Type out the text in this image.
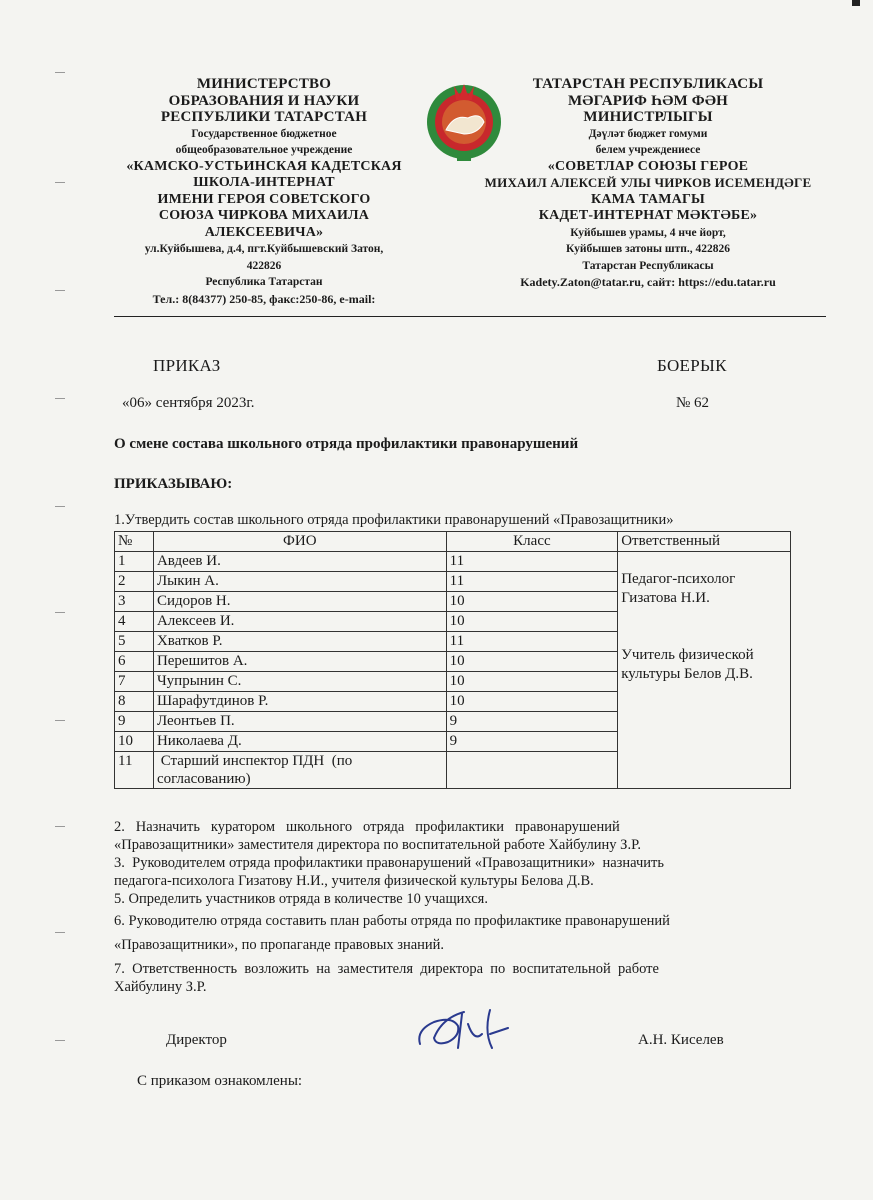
МИНИСТЕРСТВО
ОБРАЗОВАНИЯ И НАУКИ
РЕСПУБЛИКИ ТАТАРСТАН
Государственное бюджетное
общеобразовательное учреждение
«КАМСКО-УСТЬИНСКАЯ КАДЕТСКАЯ
ШКОЛА-ИНТЕРНАТ
ИМЕНИ ГЕРОЯ СОВЕТСКОГО
СОЮЗА ЧИРКОВА МИХАИЛА
АЛЕКСЕЕВИЧА»
ул.Куйбышева, д.4, пгт.Куйбышевский Затон,
422826
Республика Татарстан
Тел.: 8(84377) 250-85, факс:250-86, e-mail:
ТАТАРСТАН РЕСПУБЛИКАСЫ
МӘГАРИФ ҺӘМ ФӘН
МИНИСТРЛЫГЫ
Дәүләт бюджет гомуми
белем учреждениесе
«СОВЕТЛАР СОЮЗЫ ГЕРОЕ
МИХАИЛ АЛЕКСЕЙ УЛЫ ЧИРКОВ ИСЕМЕНДӘГЕ
КАМА ТАМАГЫ
КАДЕТ-ИНТЕРНАТ МӘКТӘБЕ»
Куйбышев урамы, 4 нче йорт,
Куйбышев затоны штп., 422826
Татарстан Республикасы
Kadety.Zaton@tatar.ru, сайт: https://edu.tatar.ru
ПРИКАЗ	БОЕРЫК
«06» сентября 2023г.	№ 62
О смене состава школьного отряда профилактики правонарушений
ПРИКАЗЫВАЮ:
1.Утвердить состав школьного отряда профилактики правонарушений «Правозащитники»
№	ФИО	Класс	Ответственный
1	Авдеев И.	11	Педагог-психолог
Гизатова Н.И.
Учитель физической
культуры Белов Д.В.

2	Лыкин А.	11	
3	Сидоров Н.	10	
4	Алексеев И.	10	
5	Хватков Р.	11	
6	Перешитов А.	10	
7	Чупрынин С.	10	
8	Шарафутдинов Р.	10	
9	Леонтьев П.	9	
10	Николаева Д.	9	
11	Старший инспектор ПДН  (по
согласованию)		

2.   Назначить   куратором   школьного   отряда   профилактики   правонарушений
«Правозащитники» заместителя директора по воспитательной работе Хайбулину З.Р.
3.  Руководителем отряда профилактики правонарушений «Правозащитники»  назначить
педагога-психолога Гизатову Н.И., учителя физической культуры Белова Д.В.
5. Определить участников отряда в количестве 10 учащихся.
6. Руководителю отряда составить план работы отряда по профилактике правонарушений
«Правозащитники», по пропаганде правовых знаний.
7.  Ответственность  возложить  на  заместителя  директора  по  воспитательной  работе
Хайбулину З.Р.
Директор	А.Н. Киселев
С приказом ознакомлены:
